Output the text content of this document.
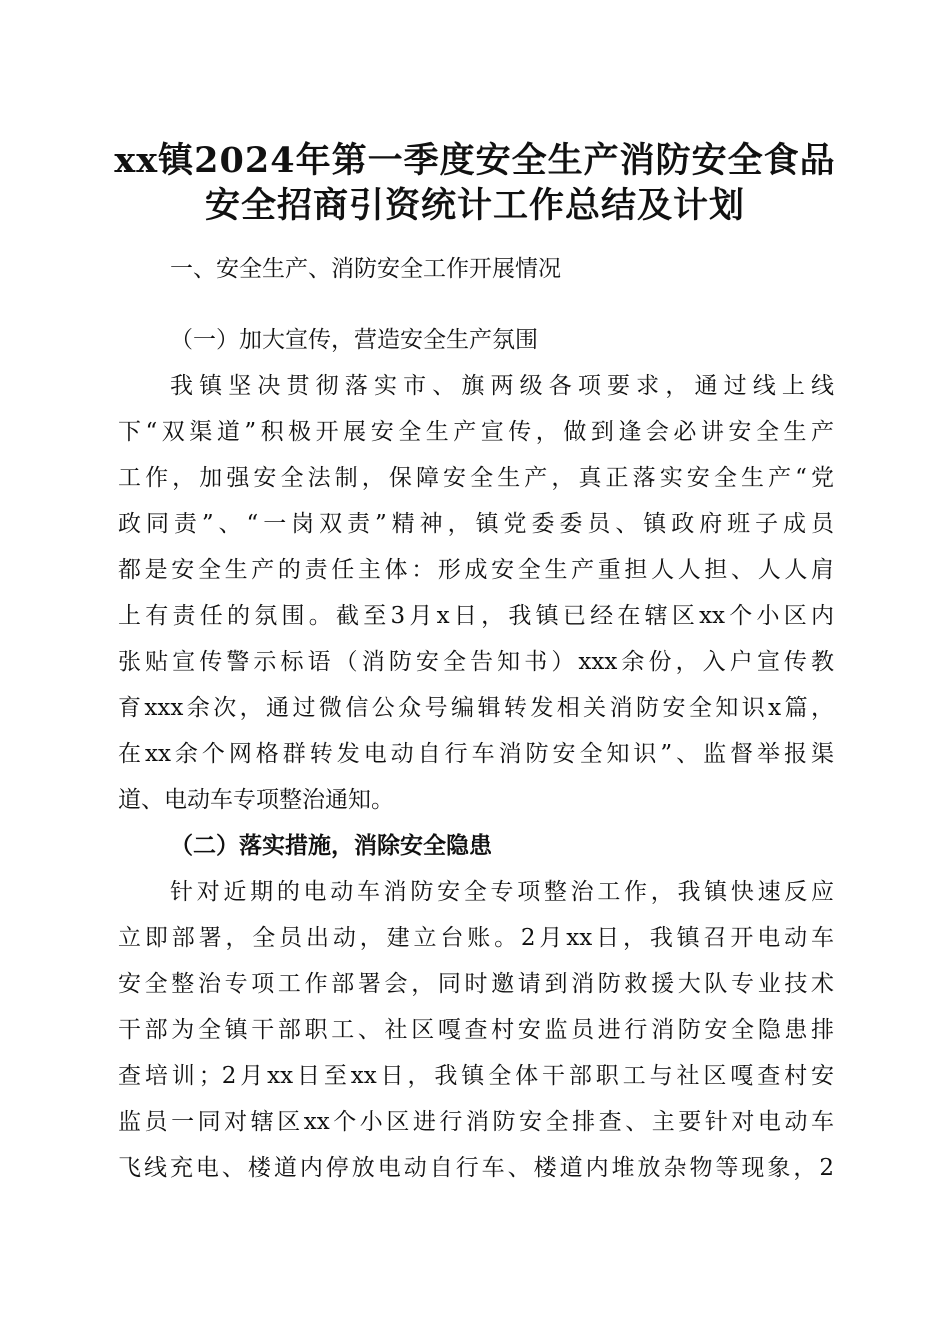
xx镇2024年第一季度安全生产消防安全食品
安全招商引资统计工作总结及计划
一、安全生产、消防安全工作开展情况
（一）加大宣传，营造安全生产氛围
我镇坚决贯彻落实市、旗两级各项要求，通过线上线
下“双渠道”积极开展安全生产宣传，做到逢会必讲安全生产
工作，加强安全法制，保障安全生产，真正落实安全生产“党
政同责”、“一岗双责”精神，镇党委委员、镇政府班子成员
都是安全生产的责任主体：形成安全生产重担人人担、人人肩
上有责任的氛围。截至3月x日，我镇已经在辖区xx个小区内
张贴宣传警示标语（消防安全告知书）xxx余份，入户宣传教
育xxx余次，通过微信公众号编辑转发相关消防安全知识x篇，
在xx余个网格群转发电动自行车消防安全知识”、监督举报渠
道、电动车专项整治通知。
（二）落实措施，消除安全隐患
针对近期的电动车消防安全专项整治工作，我镇快速反应
立即部署，全员出动，建立台账。2月xx日，我镇召开电动车
安全整治专项工作部署会，同时邀请到消防救援大队专业技术
干部为全镇干部职工、社区嘎查村安监员进行消防安全隐患排
查培训；2月xx日至xx日，我镇全体干部职工与社区嘎查村安
监员一同对辖区xx个小区进行消防安全排查、主要针对电动车
飞线充电、楼道内停放电动自行车、楼道内堆放杂物等现象，2
